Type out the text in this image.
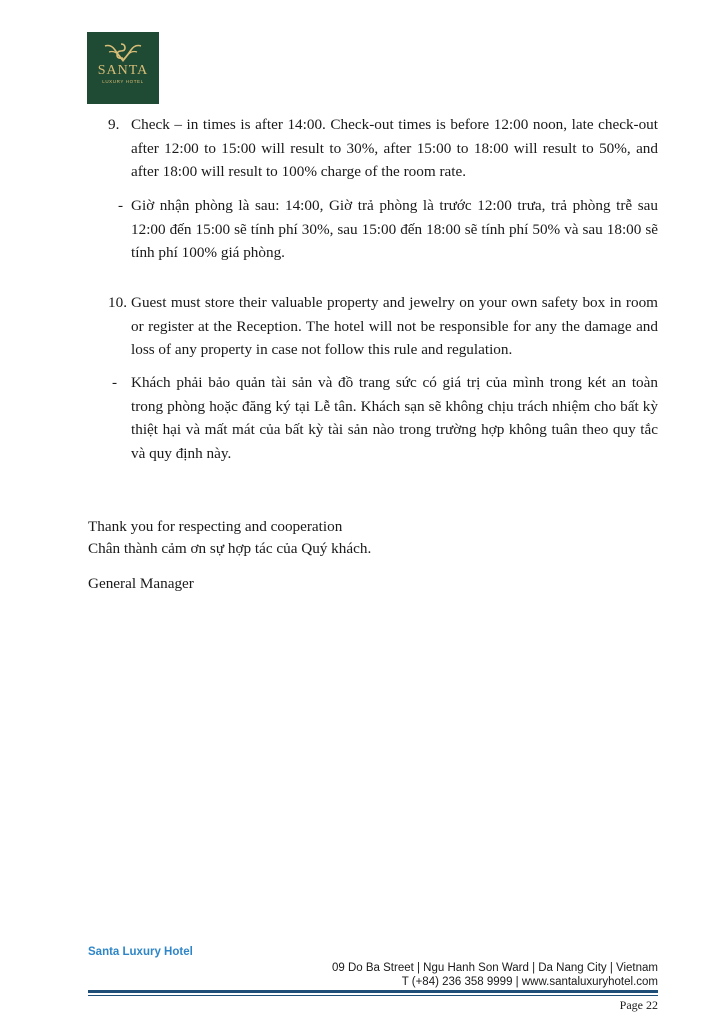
SANTA
LUXURY HOTEL
9. Check – in times is after 14:00. Check-out times is before 12:00 noon, late check-out after 12:00 to 15:00 will result to 30%, after 15:00 to 18:00 will result to 50%, and after 18:00 will result to 100% charge of the room rate.
- Giờ nhận phòng là sau: 14:00, Giờ trả phòng là trước 12:00 trưa, trả phòng trễ sau 12:00 đến 15:00 sẽ tính phí 30%, sau 15:00 đến 18:00 sẽ tính phí 50% và sau 18:00 sẽ tính phí 100% giá phòng.
10. Guest must store their valuable property and jewelry on your own safety box in room or register at the Reception. The hotel will not be responsible for any the damage and loss of any property in case not follow this rule and regulation.
- Khách phải bảo quản tài sản và đồ trang sức có giá trị của mình trong két an toàn trong phòng hoặc đăng ký tại Lễ tân. Khách sạn sẽ không chịu trách nhiệm cho bất kỳ thiệt hại và mất mát của bất kỳ tài sản nào trong trường hợp không tuân theo quy tắc và quy định này.
Thank you for respecting and cooperation
Chân thành cảm ơn sự hợp tác của Quý khách.
General Manager
Santa Luxury Hotel
09 Do Ba Street | Ngu Hanh Son Ward | Da Nang City | Vietnam
T (+84) 236 358 9999 | www.santaluxuryhotel.com
Page 22
